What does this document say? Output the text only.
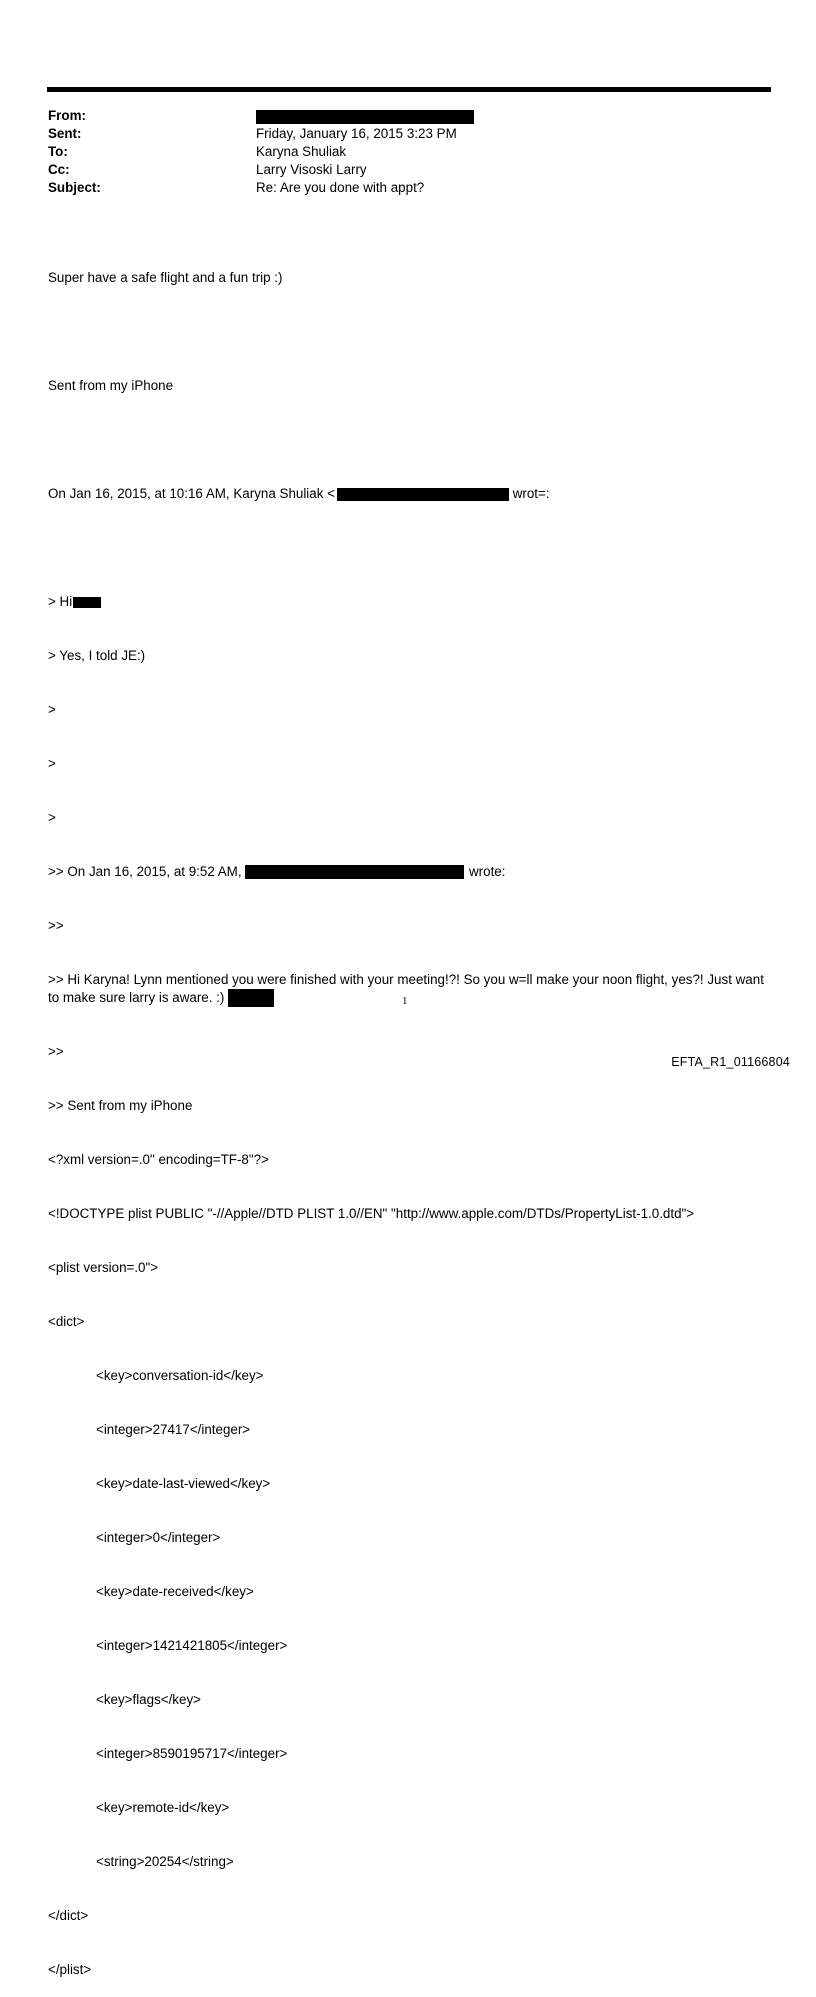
From:
Sent:	Friday, January 16, 2015 3:23 PM
To:	Karyna Shuliak
Cc:	Larry Visoski Larry
Subject:	Re: Are you done with appt?

Super have a safe flight and a fun trip :)

Sent from my iPhone

On Jan 16, 2015, at 10:16 AM, Karyna Shuliak <	wrot=:

> Hi

> Yes, I told JE:)

>

>

>

>> On Jan 16, 2015, at 9:52 AM,	wrote:

>>

>> Hi Karyna! Lynn mentioned you were finished with your meeting!?! So you w=ll make your noon flight, yes?! Just want to make sure larry is aware. :)

>>

>> Sent from my iPhone

<?xml version=.0" encoding=TF-8"?>

<!DOCTYPE plist PUBLIC "-//Apple//DTD PLIST 1.0//EN" "http://www.apple.com/DTDs/PropertyList-1.0.dtd">

<plist version=.0">

<dict>

<key>conversation-id</key>

<integer>27417</integer>

<key>date-last-viewed</key>

<integer>0</integer>

<key>date-received</key>

<integer>1421421805</integer>

<key>flags</key>

<integer>8590195717</integer>

<key>remote-id</key>

<string>20254</string>

</dict>

</plist>

1
EFTA_R1_01166804
